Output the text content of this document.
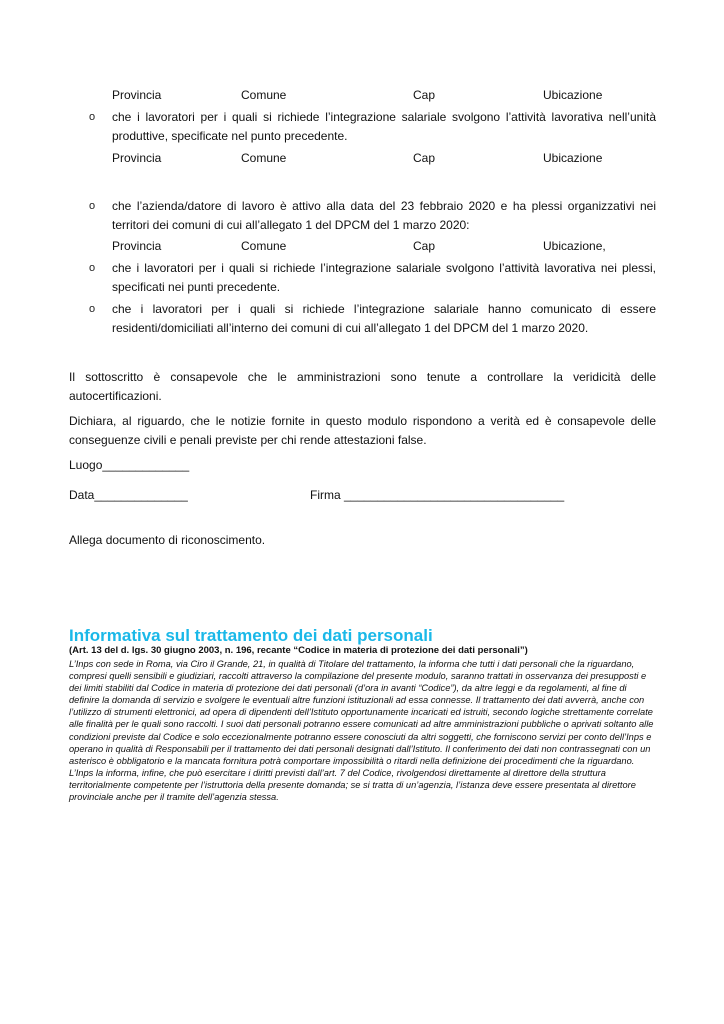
Provincia	Comune	Cap	Ubicazione
o che i lavoratori per i quali si richiede l’integrazione salariale svolgono l’attività lavorativa nell’unità produttive, specificate nel punto precedente.
Provincia	Comune	Cap	Ubicazione
o che l’azienda/datore di lavoro è attivo alla data del 23 febbraio 2020 e ha plessi organizzativi nei territori dei comuni di cui all’allegato 1 del DPCM del 1 marzo 2020:
Provincia	Comune	Cap	Ubicazione,
o che i lavoratori per i quali si richiede l’integrazione salariale svolgono l’attività lavorativa nei plessi, specificati nei punti precedente.
o che i lavoratori per i quali si richiede l’integrazione salariale hanno comunicato di essere residenti/domiciliati all’interno dei comuni di cui all’allegato 1 del DPCM del 1 marzo 2020.
Il sottoscritto è consapevole che le amministrazioni sono tenute a controllare la veridicità delle autocertificazioni.
Dichiara, al riguardo, che le notizie fornite in questo modulo rispondono a verità ed è consapevole delle conseguenze civili e penali previste per chi rende attestazioni false.
Luogo_____________
Data______________	Firma _________________________________
Allega documento di riconoscimento.
Informativa sul trattamento dei dati personali
(Art. 13 del d. lgs. 30 giugno 2003, n. 196, recante “Codice in materia di protezione dei dati personali”)
L’Inps con sede in Roma, via Ciro il Grande, 21, in qualità di Titolare del trattamento, la informa che tutti i dati personali che la riguardano, compresi quelli sensibili e giudiziari, raccolti attraverso la compilazione del presente modulo, saranno trattati in osservanza dei presupposti e dei limiti stabiliti dal Codice in materia di protezione dei dati personali (d’ora in avanti “Codice”), da altre leggi e da regolamenti, al fine di definire la domanda di servizio e svolgere le eventuali altre funzioni istituzionali ad essa connesse. Il trattamento dei dati avverrà, anche con l’utilizzo di strumenti elettronici, ad opera di dipendenti dell’Istituto opportunamente incaricati ed istruiti, secondo logiche strettamente correlate alle finalità per le quali sono raccolti. I suoi dati personali potranno essere comunicati ad altre amministrazioni pubbliche o aprivati soltanto alle condizioni previste dal Codice e solo eccezionalmente potranno essere conosciuti da altri soggetti, che forniscono servizi per conto dell’Inps e operano in qualità di Responsabili per il trattamento dei dati personali designati dall’Istituto. Il conferimento dei dati non contrassegnati con un asterisco è obbligatorio e la mancata fornitura potrà comportare impossibilità o ritardi nella definizione dei procedimenti che la riguardano. L’Inps la informa, infine, che può esercitare i diritti previsti dall’art. 7 del Codice, rivolgendosi direttamente al direttore della struttura territorialmente competente per l’istruttoria della presente domanda; se si tratta di un’agenzia, l’istanza deve essere presentata al direttore provinciale anche per il tramite dell’agenzia stessa.
